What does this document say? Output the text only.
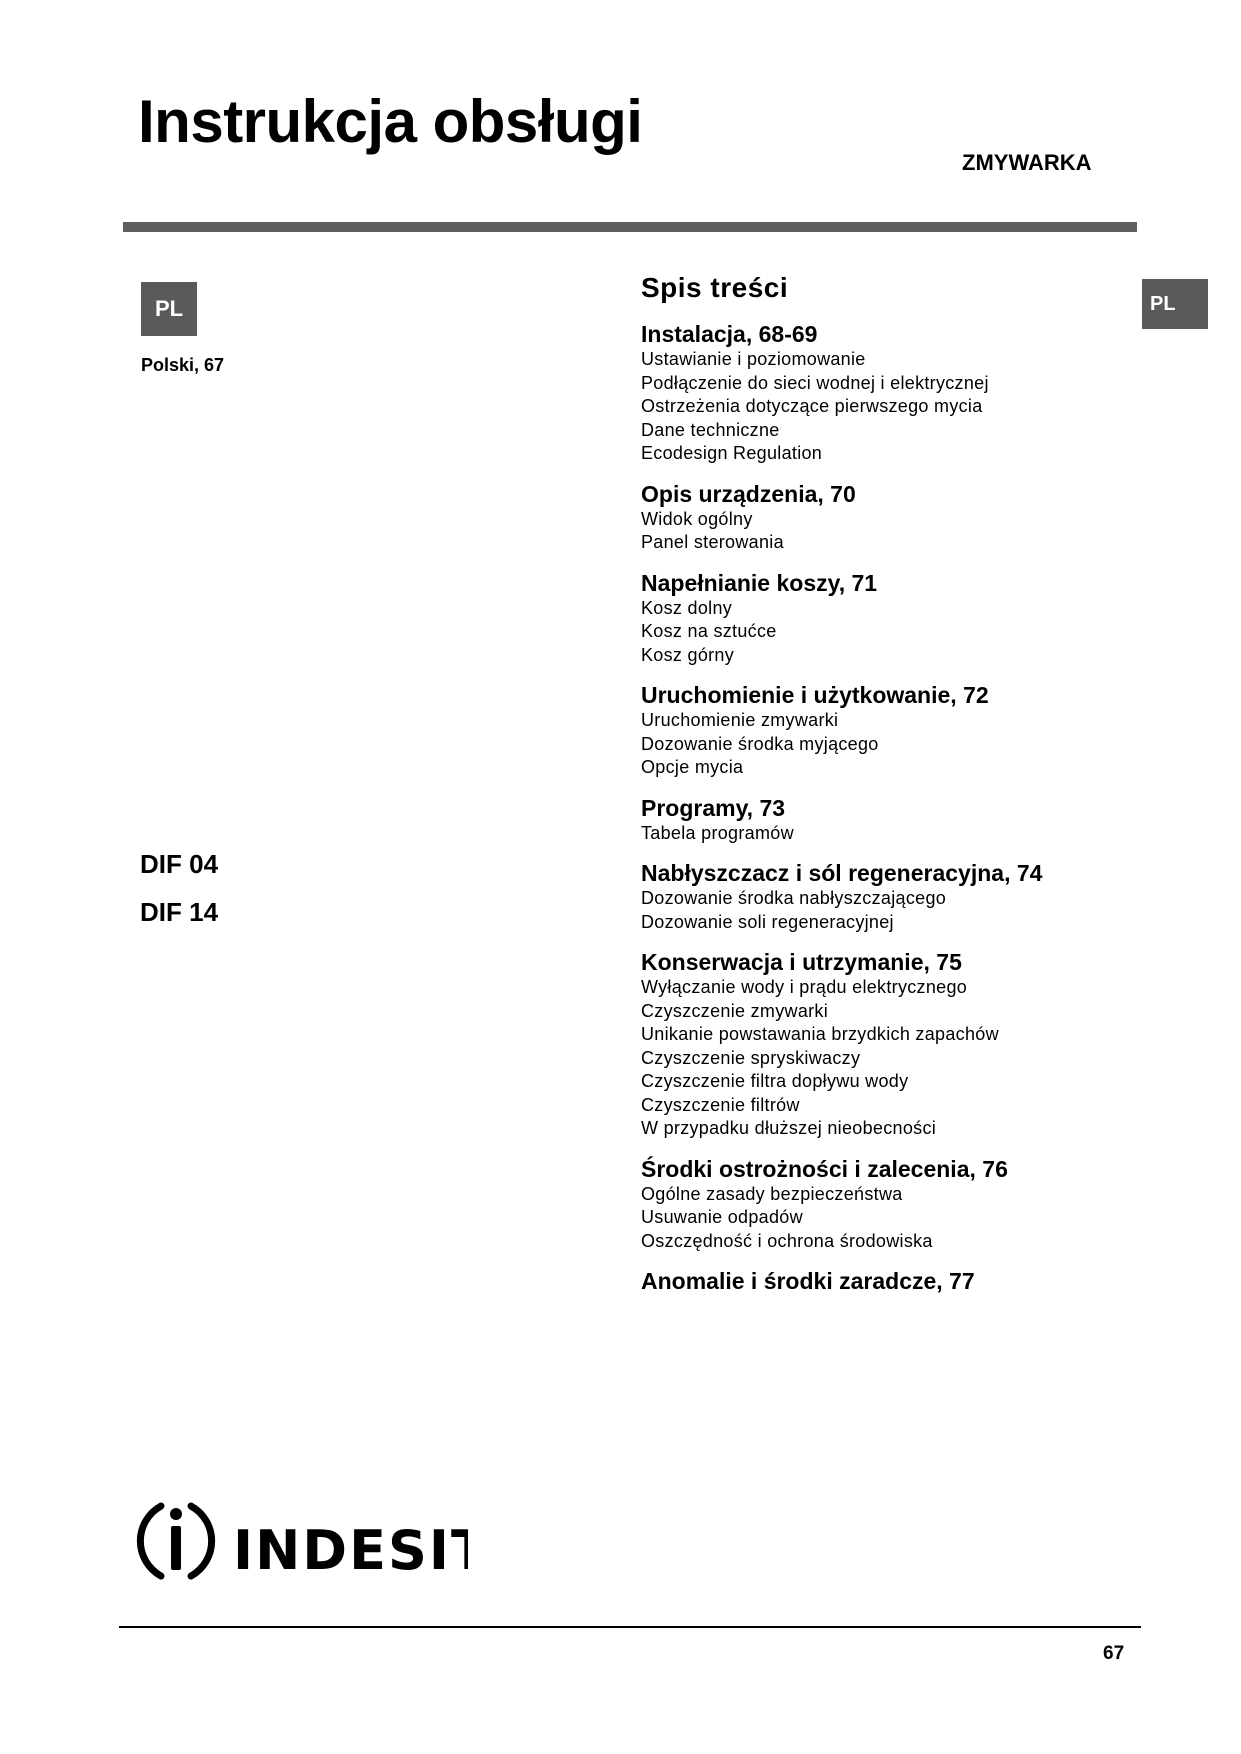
Instrukcja obsługi
ZMYWARKA
PL
Polski, 67
PL
DIF 04
DIF 14
Spis treści
Instalacja, 68-69
Ustawianie i poziomowanie
Podłączenie do sieci wodnej i elektrycznej
Ostrzeżenia dotyczące pierwszego mycia
Dane techniczne
Ecodesign Regulation
Opis urządzenia, 70
Widok ogólny
Panel sterowania
Napełnianie koszy, 71
Kosz dolny
Kosz na sztućce
Kosz górny
Uruchomienie i użytkowanie, 72
Uruchomienie zmywarki
Dozowanie środka myjącego
Opcje mycia
Programy, 73
Tabela programów
Nabłyszczacz i sól regeneracyjna, 74
Dozowanie środka nabłyszczającego
Dozowanie soli regeneracyjnej
Konserwacja i utrzymanie, 75
Wyłączanie wody i prądu elektrycznego
Czyszczenie zmywarki
Unikanie powstawania brzydkich zapachów
Czyszczenie spryskiwaczy
Czyszczenie filtra dopływu wody
Czyszczenie filtrów
W przypadku dłuższej nieobecności
Środki ostrożności i zalecenia, 76
Ogólne zasady bezpieczeństwa
Usuwanie odpadów
Oszczędność i ochrona środowiska
Anomalie i środki zaradcze, 77
INDESIT
67
